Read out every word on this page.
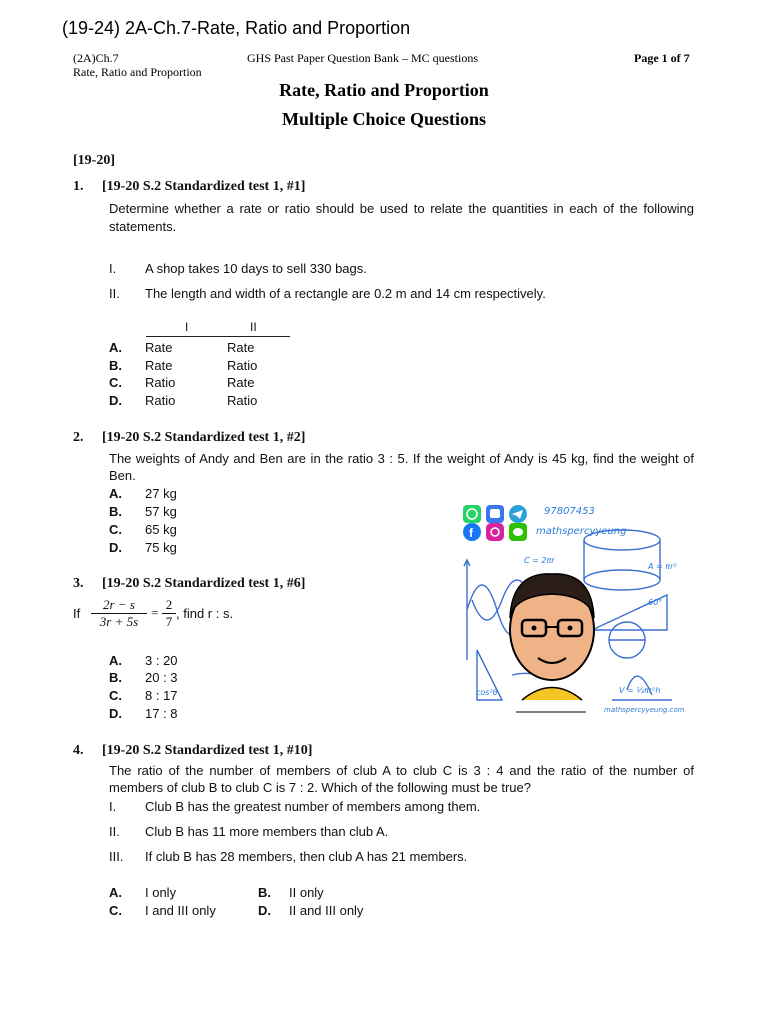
(19-24) 2A-Ch.7-Rate, Ratio and Proportion
(2A)Ch.7
Rate, Ratio and Proportion
GHS Past Paper Question Bank – MC questions	Page 1 of 7
Rate, Ratio and Proportion
Multiple Choice Questions
[19-20]
1. [19-20 S.2 Standardized test 1, #1]
Determine whether a rate or ratio should be used to relate the quantities in each of the following statements.
I. A shop takes 10 days to sell 330 bags.
II. The length and width of a rectangle are 0.2 m and 14 cm respectively.
I	II
A. Rate	Rate
B. Rate	Ratio
C. Ratio	Rate
D. Ratio	Ratio
2. [19-20 S.2 Standardized test 1, #2]
The weights of Andy and Ben are in the ratio 3 : 5. If the weight of Andy is 45 kg, find the weight of Ben.
A. 27 kg
B. 57 kg
C. 65 kg
D. 75 kg
3. [19-20 S.2 Standardized test 1, #6]
If $\frac{2r - s}{3r + 5s} = \frac{2}{7}$ , find r : s.
A. 3 : 20
B. 20 : 3
C. 8 : 17
D. 17 : 8
f
97807453
mathspercyyeung
C = 2πr
A = πr²
60°
V = ⅓πr²h
cos²θ
mathspercyyeung.com
4. [19-20 S.2 Standardized test 1, #10]
The ratio of the number of members of club A to club C is 3 : 4 and the ratio of the number of members of club B to club C is 7 : 2. Which of the following must be true?
I. Club B has the greatest number of members among them.
II. Club B has 11 more members than club A.
III. If club B has 28 members, then club A has 21 members.
A. I only	B. II only
C. I and III only	D. II and III only
